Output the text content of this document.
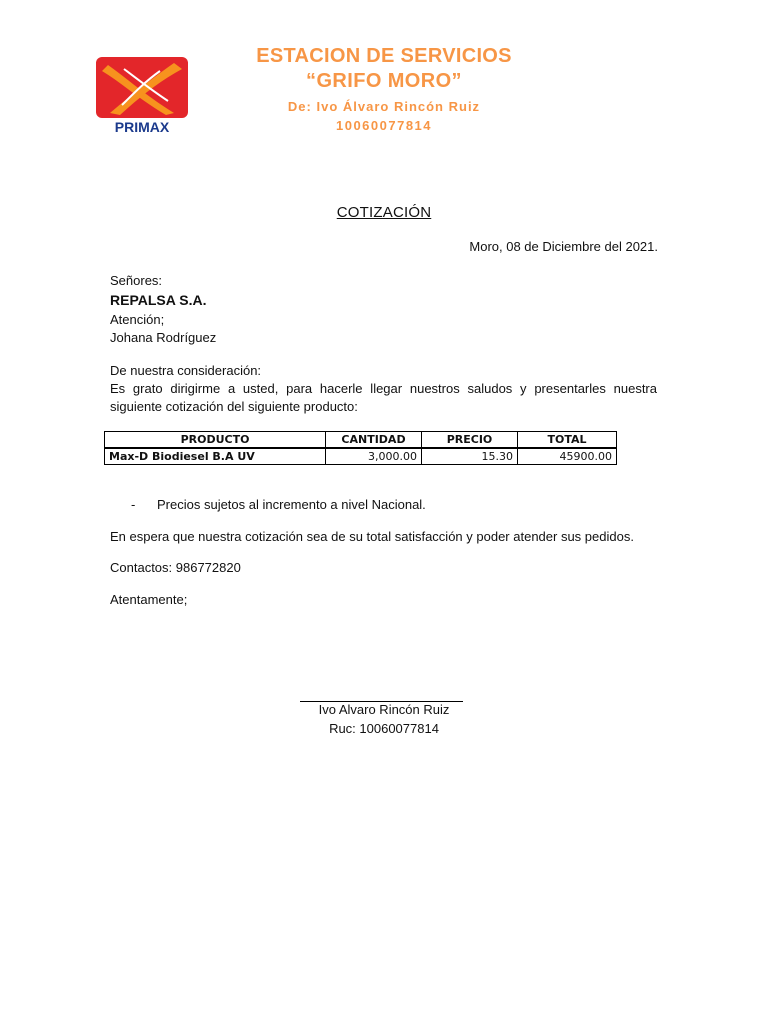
PRIMAX
ESTACION DE SERVICIOS
“GRIFO MORO”
De: Ivo Álvaro Rincón Ruiz
10060077814
COTIZACIÓN
Moro, 08 de Diciembre del 2021.
Señores:
REPALSA S.A.
Atención;
Johana Rodríguez
De nuestra consideración:
Es grato dirigirme a usted, para hacerle llegar nuestros saludos y presentarles nuestra siguiente cotización del siguiente producto:
PRODUCTO	CANTIDAD	PRECIO	TOTAL
Max-D Biodiesel B.A UV	3,000.00	15.30	45900.00
- Precios sujetos al incremento a nivel Nacional.
En espera que nuestra cotización sea de su total satisfacción y poder atender sus pedidos.
Contactos: 986772820
Atentamente;
Ivo Alvaro Rincón Ruiz
Ruc: 10060077814
